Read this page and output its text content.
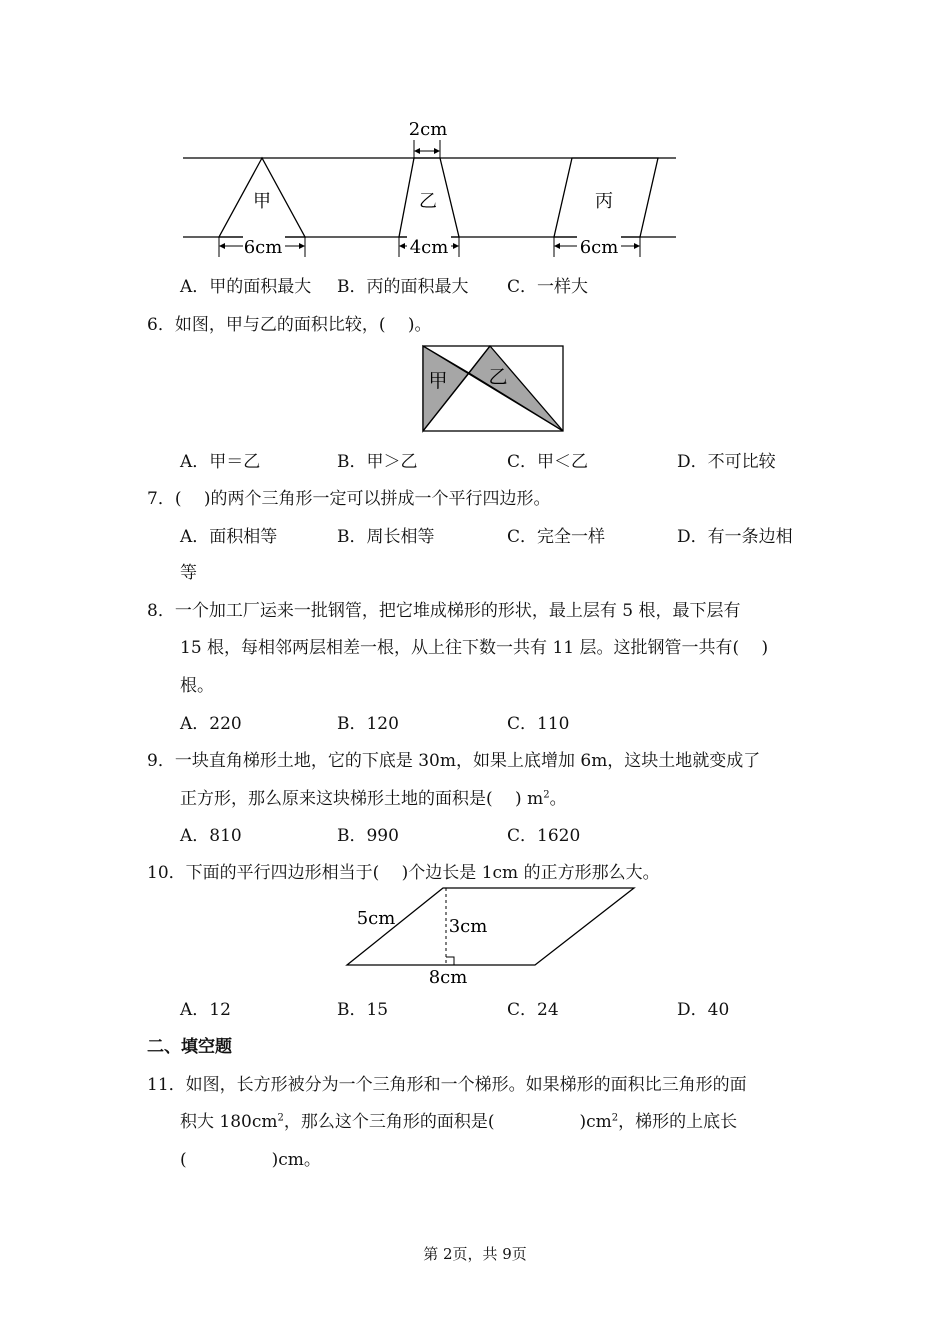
甲	乙	丙
2cm
6cm	4cm	6cm
A．甲的面积最大 B．丙的面积最大 C．一样大
6．如图，甲与乙的面积比较，(　 )。
甲 乙
A．甲＝乙	B．甲＞乙	C．甲＜乙	D．不可比较
7．(　 )的两个三角形一定可以拼成一个平行四边形。
A．面积相等	B．周长相等	C．完全一样	D．有一条边相
等
8．一个加工厂运来一批钢管，把它堆成梯形的形状，最上层有 5 根，最下层有
15 根，每相邻两层相差一根，从上往下数一共有 11 层。这批钢管一共有(　 )
根。
A．220	B．120	C．110
9．一块直角梯形土地，它的下底是 30m，如果上底增加 6m，这块土地就变成了
正方形，那么原来这块梯形土地的面积是(　 ) $m^2$。
A．810	B．990	C．1620
10．下面的平行四边形相当于(　 )个边长是 1cm 的正方形那么大。
5cm	3cm
8cm
A．12	B．15	C．24	D．40
二、填空题
11．如图，长方形被分为一个三角形和一个梯形。如果梯形的面积比三角形的面
积大 $180cm^2$，那么这个三角形的面积是(　　　　　)$cm^2$，梯形的上底长
(　　　　　)cm。
第 2页，共 9页
